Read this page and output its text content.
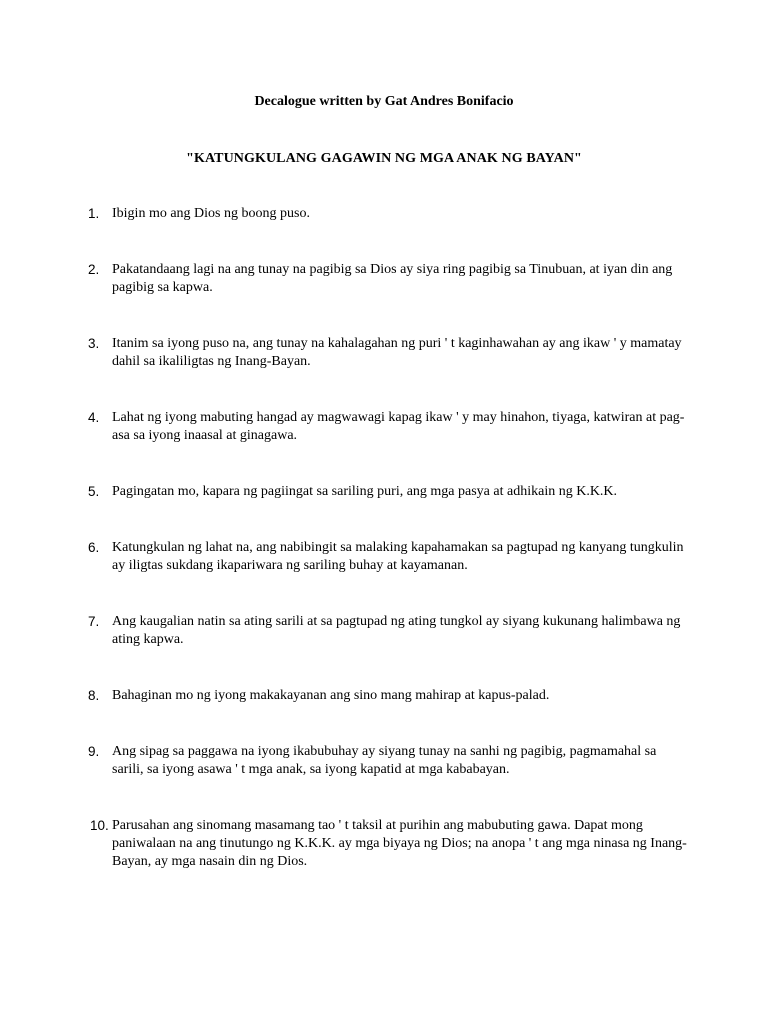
Decalogue written by Gat Andres Bonifacio
"KATUNGKULANG GAGAWIN NG MGA ANAK NG BAYAN"
1. Ibigin mo ang Dios ng boong puso.
2. Pakatandaang lagi na ang tunay na pagibig sa Dios ay siya ring pagibig sa Tinubuan, at iyan din ang pagibig sa kapwa.
3. Itanim sa iyong puso na, ang tunay na kahalagahan ng puri ' t kaginhawahan ay ang ikaw ' y mamatay dahil sa ikaliligtas ng Inang-Bayan.
4. Lahat ng iyong mabuting hangad ay magwawagi kapag ikaw ' y may hinahon, tiyaga, katwiran at pag-asa sa iyong inaasal at ginagawa.
5. Pagingatan mo, kapara ng pagiingat sa sariling puri, ang mga pasya at adhikain ng K.K.K.
6. Katungkulan ng lahat na, ang nabibingit sa malaking kapahamakan sa pagtupad ng kanyang tungkulin ay iligtas sukdang ikapariwara ng sariling buhay at kayamanan.
7. Ang kaugalian natin sa ating sarili at sa pagtupad ng ating tungkol ay siyang kukunang halimbawa ng ating kapwa.
8. Bahaginan mo ng iyong makakayanan ang sino mang mahirap at kapus-palad.
9. Ang sipag sa paggawa na iyong ikabubuhay ay siyang tunay na sanhi ng pagibig, pagmamahal sa sarili, sa iyong asawa ' t mga anak, sa iyong kapatid at mga kababayan.
10. Parusahan ang sinomang masamang tao ' t taksil at purihin ang mabubuting gawa. Dapat mong paniwalaan na ang tinutungo ng K.K.K. ay mga biyaya ng Dios; na anopa ' t ang mga ninasa ng Inang-Bayan, ay mga nasain din ng Dios.
